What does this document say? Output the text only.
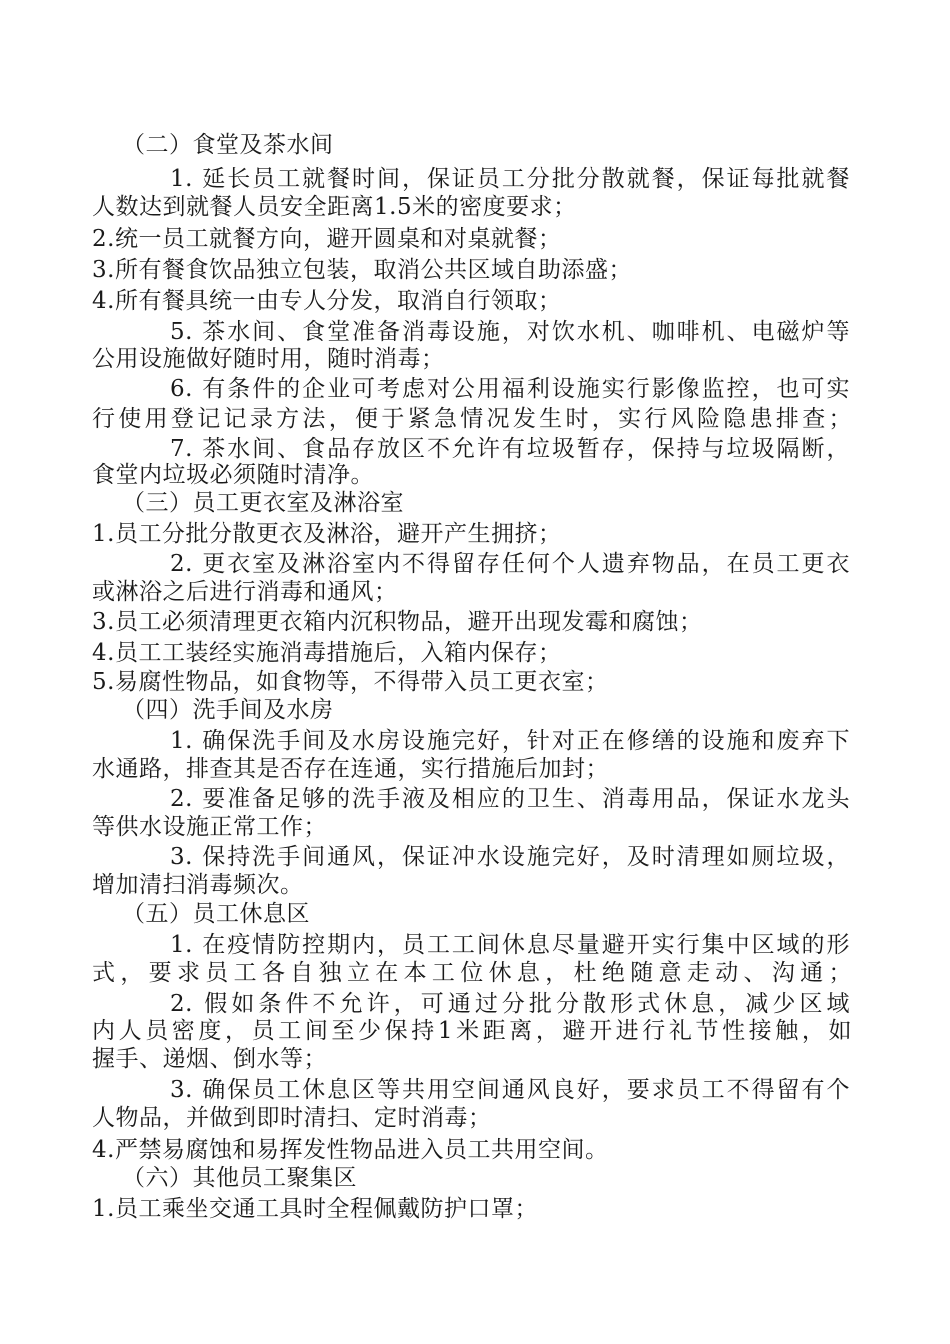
（二）食堂及茶水间
1. 延长员工就餐时间，保证员工分批分散就餐，保证每批就餐
人数达到就餐人员安全距离1.5米的密度要求；
2.统一员工就餐方向，避开圆桌和对桌就餐；
3.所有餐食饮品独立包装，取消公共区域自助添盛；
4.所有餐具统一由专人分发，取消自行领取；
5. 茶水间、食堂准备消毒设施，对饮水机、咖啡机、电磁炉等
公用设施做好随时用，随时消毒；
6. 有条件的企业可考虑对公用福利设施实行影像监控，也可实
行使用登记记录方法，便于紧急情况发生时，实行风险隐患排查；
7. 茶水间、食品存放区不允许有垃圾暂存，保持与垃圾隔断，
食堂内垃圾必须随时清净。
（三）员工更衣室及淋浴室
1.员工分批分散更衣及淋浴，避开产生拥挤；
2. 更衣室及淋浴室内不得留存任何个人遗弃物品，在员工更衣
或淋浴之后进行消毒和通风；
3.员工必须清理更衣箱内沉积物品，避开出现发霉和腐蚀；
4.员工工装经实施消毒措施后，入箱内保存；
5.易腐性物品，如食物等，不得带入员工更衣室；
（四）洗手间及水房
1. 确保洗手间及水房设施完好，针对正在修缮的设施和废弃下
水通路，排查其是否存在连通，实行措施后加封；
2. 要准备足够的洗手液及相应的卫生、消毒用品，保证水龙头
等供水设施正常工作；
3. 保持洗手间通风，保证冲水设施完好，及时清理如厕垃圾，
增加清扫消毒频次。
（五）员工休息区
1. 在疫情防控期内，员工工间休息尽量避开实行集中区域的形
式，要求员工各自独立在本工位休息，杜绝随意走动、沟通；
2. 假如条件不允许，可通过分批分散形式休息，减少区域
内人员密度，员工间至少保持1米距离，避开进行礼节性接触，如
握手、递烟、倒水等；
3. 确保员工休息区等共用空间通风良好，要求员工不得留有个
人物品，并做到即时清扫、定时消毒；
4.严禁易腐蚀和易挥发性物品进入员工共用空间。
（六）其他员工聚集区
1.员工乘坐交通工具时全程佩戴防护口罩；
